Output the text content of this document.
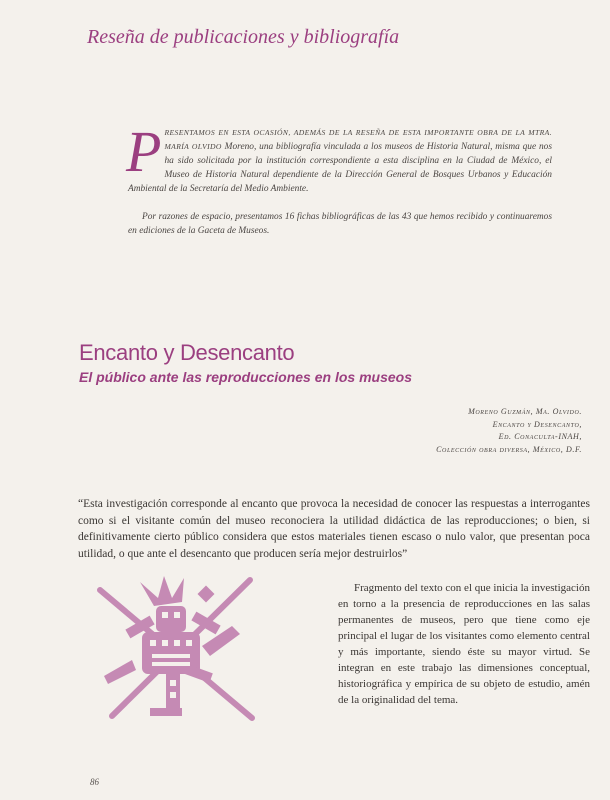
Reseña de publicaciones y bibliografía
P RESENTAMOS EN ESTA OCASIÓN, ADEMÁS DE LA RESEÑA DE ESTA IMPORTANTE OBRA DE LA MTRA. MARÍA OLVIDO Moreno, una bibliografía vinculada a los museos de Historia Natural, misma que nos ha sido solicitada por la institución correspondiente a esta disciplina en la Ciudad de México, el Museo de Historia Natural dependiente de la Dirección General de Bosques Urbanos y Educación Ambiental de la Secretaría del Medio Ambiente.

Por razones de espacio, presentamos 16 fichas bibliográficas de las 43 que hemos recibido y continuaremos en ediciones de la Gaceta de Museos.

Encanto y Desencanto
El público ante las reproducciones en los museos
Moreno Guzmán, Ma. Olvido.
Encanto y Desencanto,
Ed. Conaculta-INAH,
Colección obra diversa, México, D.F.

“Esta investigación corresponde al encanto que provoca la necesidad de conocer las respuestas a interrogantes como si el visitante común del museo reconociera la utilidad didáctica de las reproducciones; o bien, si definitivamente cierto público considera que estos materiales tienen escaso o nulo valor, que presentan poca utilidad, o que ante el desencanto que producen sería mejor destruirlos”

Fragmento del texto con el que inicia la investigación en torno a la presencia de reproducciones en las salas permanentes de museos, pero que tiene como eje principal el lugar de los visitantes como elemento central y más importante, siendo éste su mayor virtud. Se integran en este trabajo las dimensiones conceptual, historiográfica y empírica de su objeto de estudio, amén de la originalidad del tema.

86
